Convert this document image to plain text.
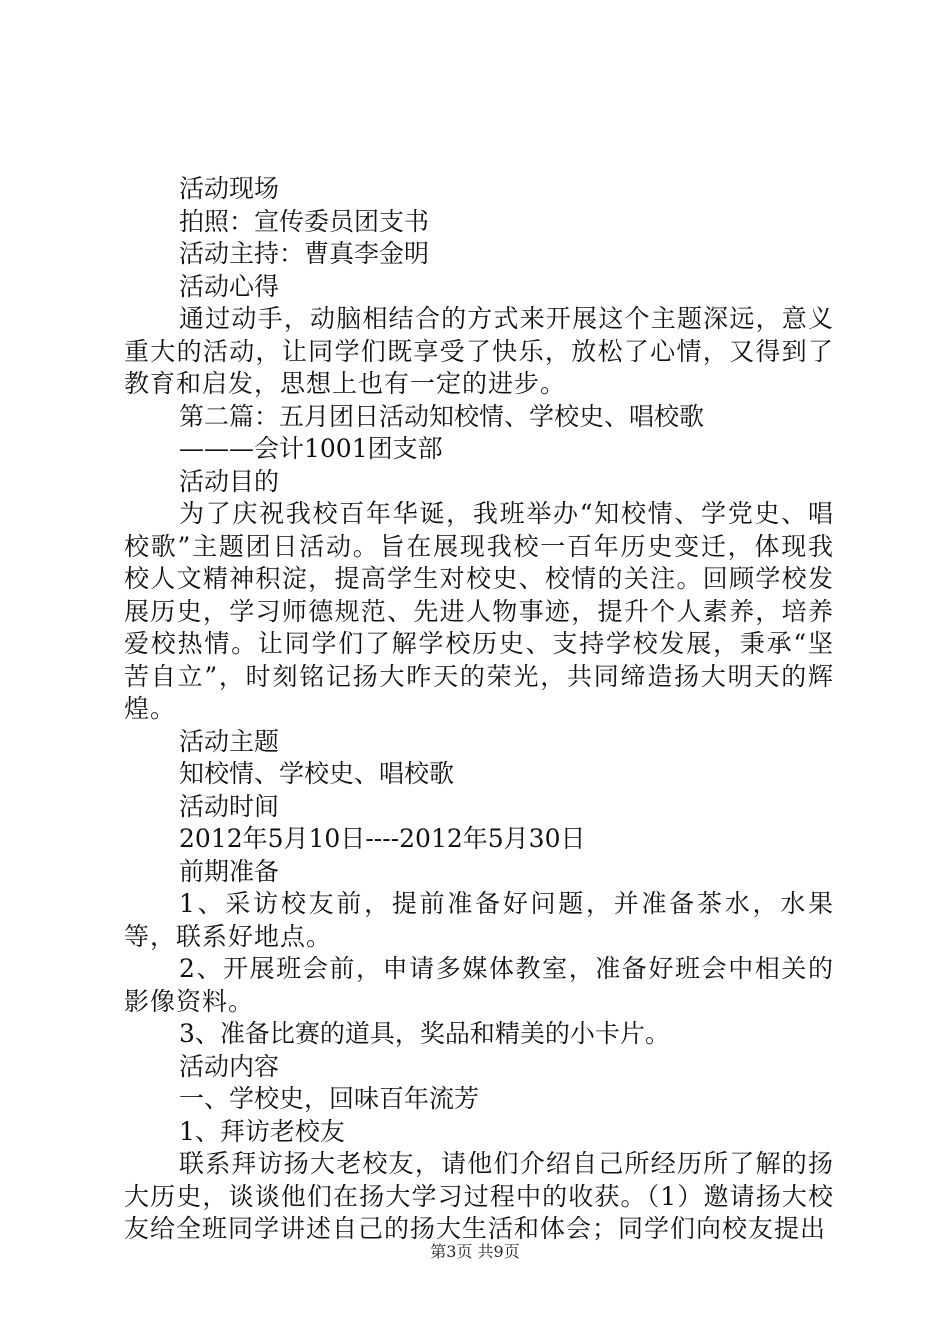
活动现场
拍照：宣传委员团支书
活动主持：曹真李金明
活动心得

通过动手，动脑相结合的方式来开展这个主题深远，意义重大的活动，让同学们既享受了快乐，放松了心情，又得到了教育和启发，思想上也有一定的进步。

第二篇：五月团日活动知校情、学校史、唱校歌
———会计1001团支部
活动目的

为了庆祝我校百年华诞，我班举办“知校情、学党史、唱校歌”主题团日活动。旨在展现我校一百年历史变迁，体现我校人文精神积淀，提高学生对校史、校情的关注。回顾学校发展历史，学习师德规范、先进人物事迹，提升个人素养，培养爱校热情。让同学们了解学校历史、支持学校发展，秉承“坚苦自立”，时刻铭记扬大昨天的荣光，共同缔造扬大明天的辉煌。

活动主题
知校情、学校史、唱校歌
活动时间
2012年5月10日----2012年5月30日
前期准备

1、采访校友前，提前准备好问题，并准备茶水，水果等，联系好地点。

2、开展班会前，申请多媒体教室，准备好班会中相关的影像资料。

3、准备比赛的道具，奖品和精美的小卡片。
活动内容
一、学校史，回味百年流芳
1、拜访老校友

联系拜访扬大老校友，请他们介绍自己所经历所了解的扬大历史，谈谈他们在扬大学习过程中的收获。（1）邀请扬大校友给全班同学讲述自己的扬大生活和体会；同学们向校友提出

第3页 共9页
